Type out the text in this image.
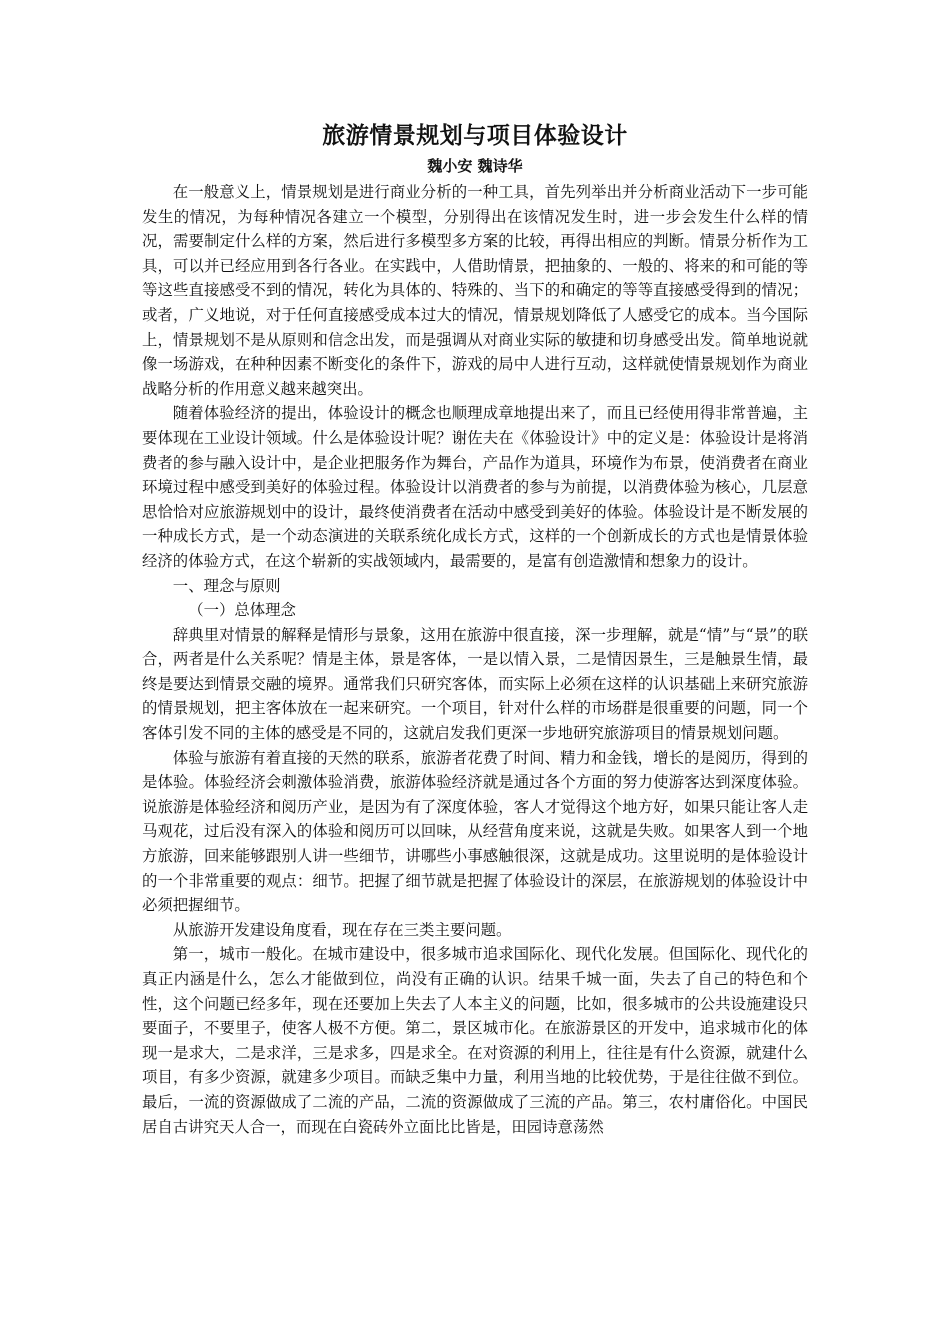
旅游情景规划与项目体验设计
魏小安 魏诗华

在一般意义上，情景规划是进行商业分析的一种工具，首先列举出并分析商业活动下一步可能发生的情况，为每种情况各建立一个模型，分别得出在该情况发生时，进一步会发生什么样的情况，需要制定什么样的方案，然后进行多模型多方案的比较，再得出相应的判断。情景分析作为工具，可以并已经应用到各行各业。在实践中，人借助情景，把抽象的、一般的、将来的和可能的等等这些直接感受不到的情况，转化为具体的、特殊的、当下的和确定的等等直接感受得到的情况；或者，广义地说，对于任何直接感受成本过大的情况，情景规划降低了人感受它的成本。当今国际上，情景规划不是从原则和信念出发，而是强调从对商业实际的敏捷和切身感受出发。简单地说就像一场游戏，在种种因素不断变化的条件下，游戏的局中人进行互动，这样就使情景规划作为商业战略分析的作用意义越来越突出。

随着体验经济的提出，体验设计的概念也顺理成章地提出来了，而且已经使用得非常普遍，主要体现在工业设计领域。什么是体验设计呢？谢佐夫在《体验设计》中的定义是：体验设计是将消费者的参与融入设计中，是企业把服务作为舞台，产品作为道具，环境作为布景，使消费者在商业环境过程中感受到美好的体验过程。体验设计以消费者的参与为前提，以消费体验为核心，几层意思恰恰对应旅游规划中的设计，最终使消费者在活动中感受到美好的体验。体验设计是不断发展的一种成长方式，是一个动态演进的关联系统化成长方式，这样的一个创新成长的方式也是情景体验经济的体验方式，在这个崭新的实战领域内，最需要的，是富有创造激情和想象力的设计。

一、理念与原则

（一）总体理念

辞典里对情景的解释是情形与景象，这用在旅游中很直接，深一步理解，就是“情”与“景”的联合，两者是什么关系呢？情是主体，景是客体，一是以情入景，二是情因景生，三是触景生情，最终是要达到情景交融的境界。通常我们只研究客体，而实际上必须在这样的认识基础上来研究旅游的情景规划，把主客体放在一起来研究。一个项目，针对什么样的市场群是很重要的问题，同一个客体引发不同的主体的感受是不同的，这就启发我们更深一步地研究旅游项目的情景规划问题。

体验与旅游有着直接的天然的联系，旅游者花费了时间、精力和金钱，增长的是阅历，得到的是体验。体验经济会刺激体验消费，旅游体验经济就是通过各个方面的努力使游客达到深度体验。说旅游是体验经济和阅历产业，是因为有了深度体验，客人才觉得这个地方好，如果只能让客人走马观花，过后没有深入的体验和阅历可以回味，从经营角度来说，这就是失败。如果客人到一个地方旅游，回来能够跟别人讲一些细节，讲哪些小事感触很深，这就是成功。这里说明的是体验设计的一个非常重要的观点：细节。把握了细节就是把握了体验设计的深层，在旅游规划的体验设计中必须把握细节。

从旅游开发建设角度看，现在存在三类主要问题。

第一，城市一般化。在城市建设中，很多城市追求国际化、现代化发展。但国际化、现代化的真正内涵是什么，怎么才能做到位，尚没有正确的认识。结果千城一面，失去了自己的特色和个性，这个问题已经多年，现在还要加上失去了人本主义的问题，比如，很多城市的公共设施建设只要面子，不要里子，使客人极不方便。第二，景区城市化。在旅游景区的开发中，追求城市化的体现一是求大，二是求洋，三是求多，四是求全。在对资源的利用上，往往是有什么资源，就建什么项目，有多少资源，就建多少项目。而缺乏集中力量，利用当地的比较优势，于是往往做不到位。最后，一流的资源做成了二流的产品，二流的资源做成了三流的产品。第三，农村庸俗化。中国民居自古讲究天人合一，而现在白瓷砖外立面比比皆是，田园诗意荡然
